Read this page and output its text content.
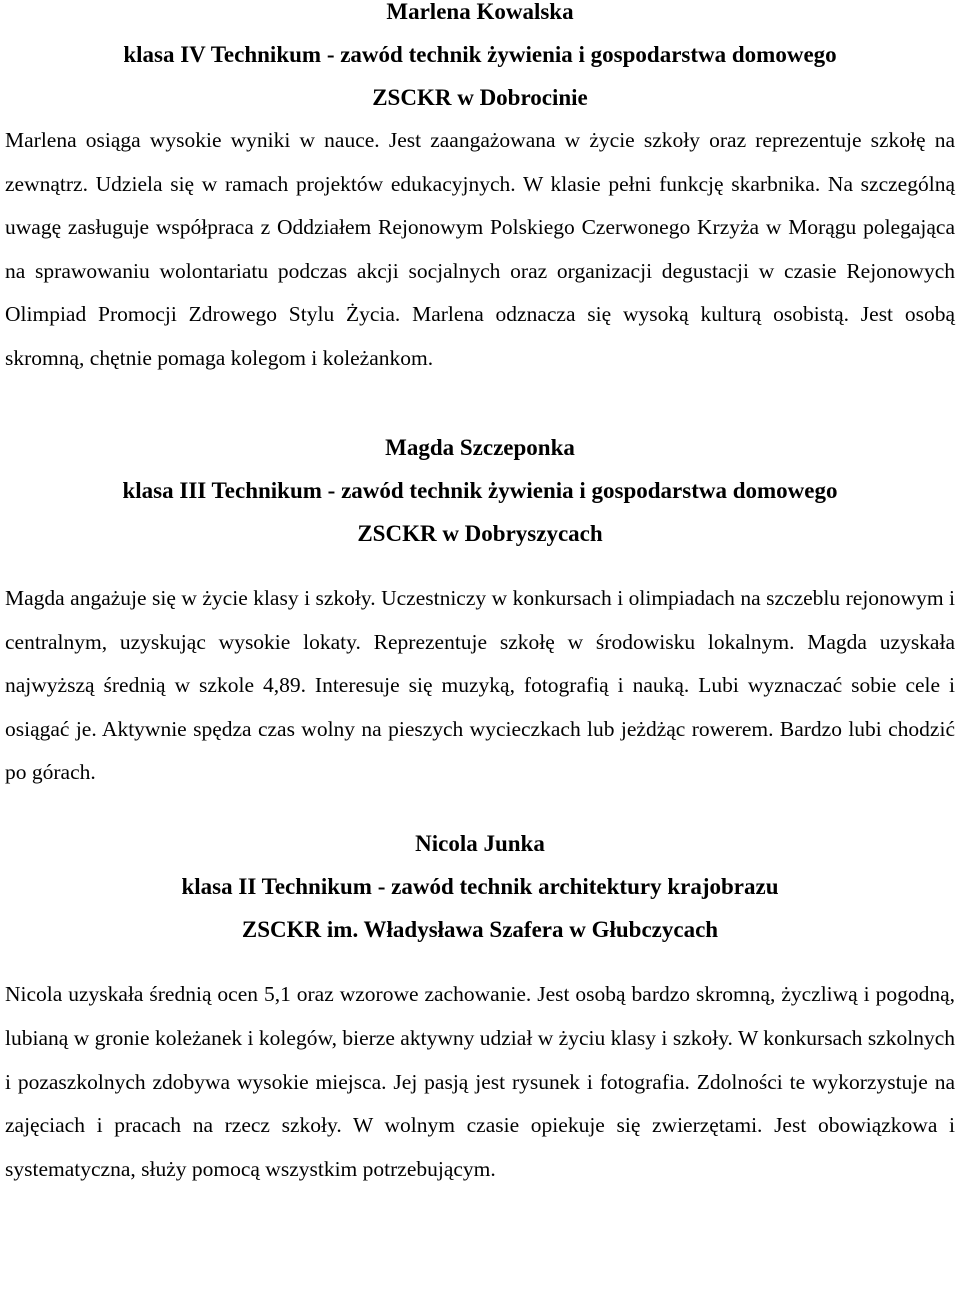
Marlena Kowalska

klasa IV Technikum - zawód technik żywienia i gospodarstwa domowego

ZSCKR w Dobrocinie

Marlena osiąga wysokie wyniki w nauce. Jest zaangażowana w życie szkoły oraz reprezentuje szkołę na zewnątrz. Udziela się w ramach projektów edukacyjnych. W klasie pełni funkcję skarbnika. Na szczególną uwagę zasługuje współpraca z Oddziałem Rejonowym Polskiego Czerwonego Krzyża w Morągu polegająca na sprawowaniu wolontariatu podczas akcji socjalnych oraz organizacji degustacji w czasie Rejonowych Olimpiad Promocji Zdrowego Stylu Życia. Marlena odznacza się wysoką kulturą osobistą. Jest osobą skromną, chętnie pomaga kolegom i koleżankom.

Magda Szczeponka

klasa III Technikum - zawód technik żywienia i gospodarstwa domowego

ZSCKR w Dobryszycach

Magda angażuje się w życie klasy i szkoły. Uczestniczy w konkursach i olimpiadach na szczeblu rejonowym i centralnym, uzyskując wysokie lokaty. Reprezentuje szkołę w środowisku lokalnym. Magda uzyskała najwyższą średnią w szkole 4,89. Interesuje się muzyką, fotografią i nauką. Lubi wyznaczać sobie cele i osiągać je. Aktywnie spędza czas wolny na pieszych wycieczkach lub jeżdżąc rowerem. Bardzo lubi chodzić po górach.

Nicola Junka

klasa II Technikum - zawód technik architektury krajobrazu

ZSCKR im. Władysława Szafera w Głubczycach

Nicola uzyskała średnią ocen 5,1 oraz wzorowe zachowanie. Jest osobą bardzo skromną, życzliwą i pogodną, lubianą w gronie koleżanek i kolegów, bierze aktywny udział w życiu klasy i szkoły. W konkursach szkolnych i pozaszkolnych zdobywa wysokie miejsca. Jej pasją jest rysunek i fotografia. Zdolności te wykorzystuje na zajęciach i pracach na rzecz szkoły. W wolnym czasie opiekuje się zwierzętami. Jest obowiązkowa i systematyczna, służy pomocą wszystkim potrzebującym.
